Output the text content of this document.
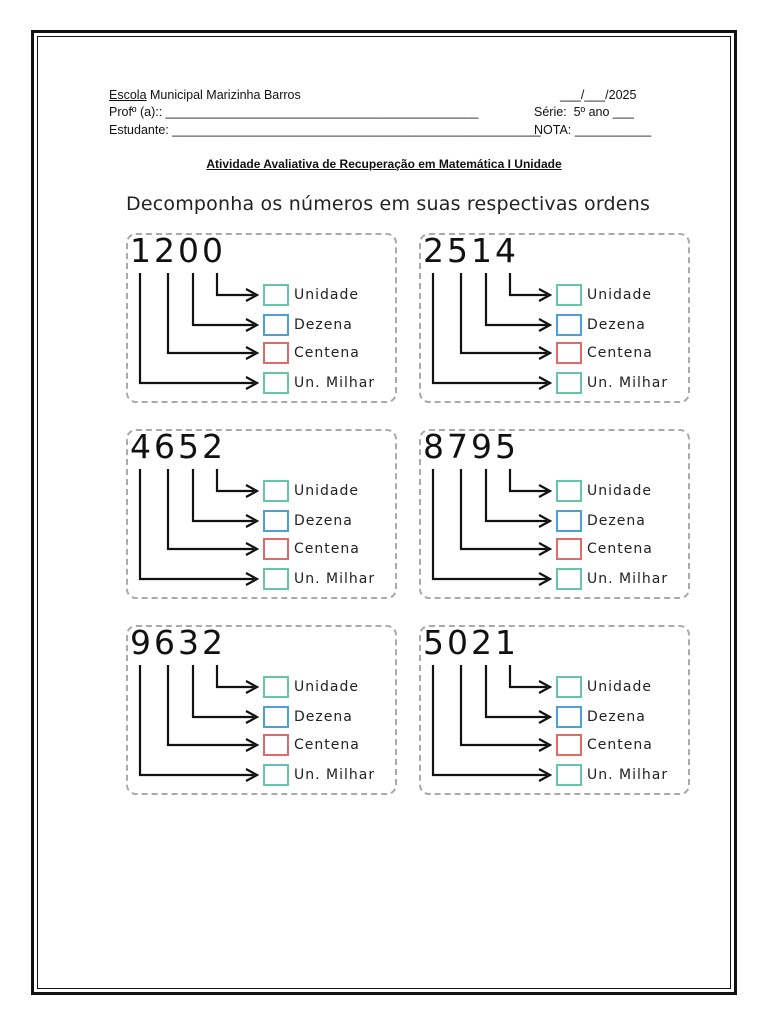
Escola Municipal Marizinha Barros	___/___/2025
Profº (a):: _____________________________________________	Série:  5º ano ___
Estudante: _____________________________________________________
NOTA: ___________
Atividade Avaliativa de Recuperação em Matemática I Unidade
Decomponha os números em suas respectivas ordens
1200
Unidade
Dezena
Centena
Un. Milhar
2514
Unidade
Dezena
Centena
Un. Milhar
4652
Unidade
Dezena
Centena
Un. Milhar
8795
Unidade
Dezena
Centena
Un. Milhar
9632
Unidade
Dezena
Centena
Un. Milhar
5021
Unidade
Dezena
Centena
Un. Milhar
